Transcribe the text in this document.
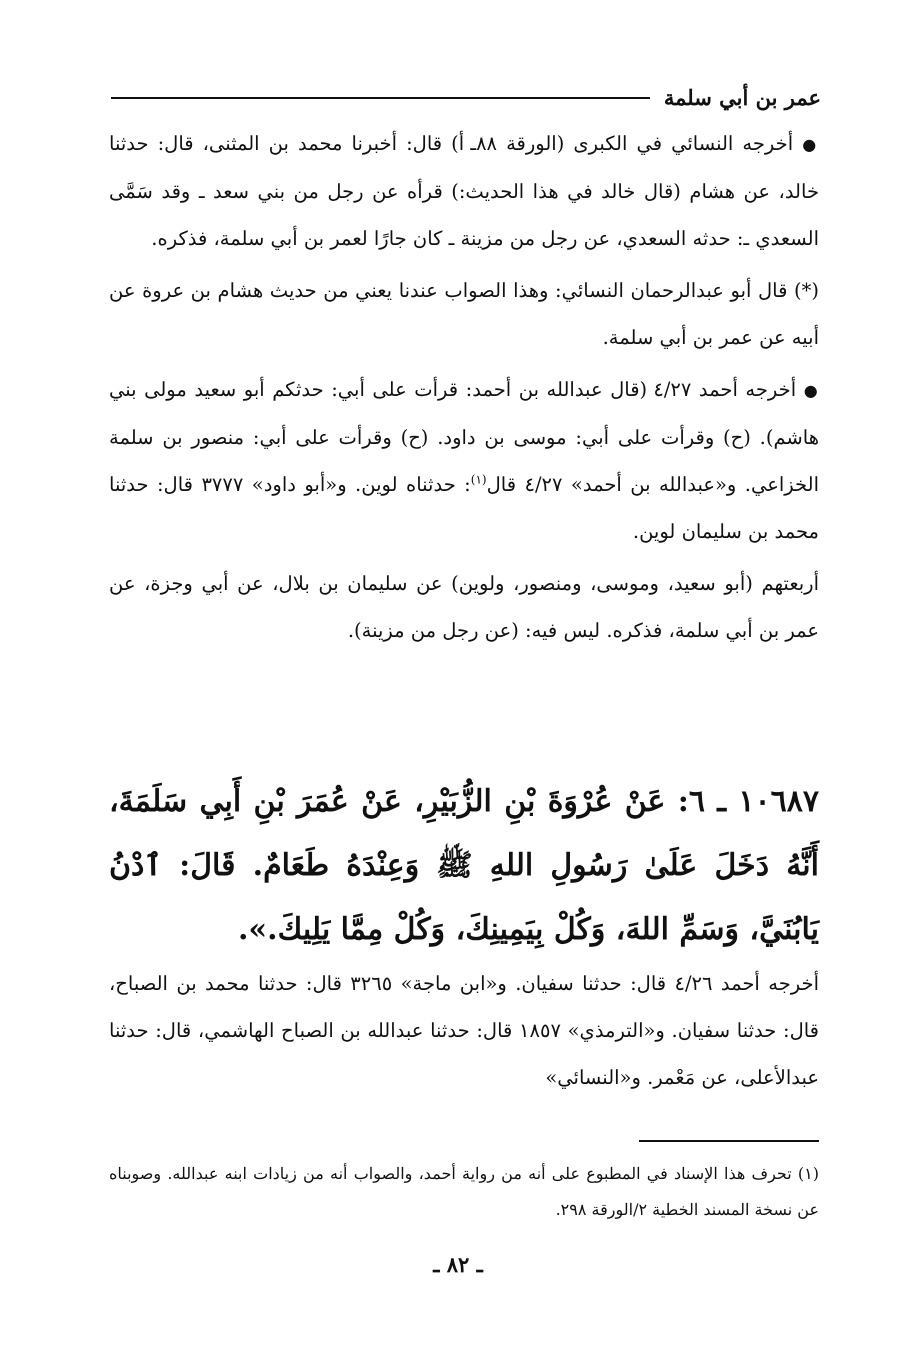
عمر بن أبي سلمة

● أخرجه النسائي في الكبرى (الورقة ٨٨ـ أ) قال: أخبرنا محمد بن المثنى، قال: حدثنا خالد، عن هشام (قال خالد في هذا الحديث:) قرأه عن رجل من بني سعد ـ وقد سَمَّى السعدي ـ: حدثه السعدي، عن رجل من مزينة ـ كان جارًا لعمر بن أبي سلمة، فذكره.

(*) قال أبو عبدالرحمان النسائي: وهذا الصواب عندنا يعني من حديث هشام بن عروة عن أبيه عن عمر بن أبي سلمة.

● أخرجه أحمد ٤/٢٧ (قال عبدالله بن أحمد: قرأت على أبي: حدثكم أبو سعيد مولى بني هاشم). (ح) وقرأت على أبي: موسى بن داود. (ح) وقرأت على أبي: منصور بن سلمة الخزاعي. و«عبدالله بن أحمد» ٤/٢٧ قال$^{(١)}$: حدثناه لوين. و«أبو داود» ٣٧٧٧ قال: حدثنا محمد بن سليمان لوين.

أربعتهم (أبو سعيد، وموسى، ومنصور، ولوين) عن سليمان بن بلال، عن أبي وجزة، عن عمر بن أبي سلمة، فذكره. ليس فيه: (عن رجل من مزينة).

١٠٦٨٧ ـ ٦: عَنْ عُرْوَةَ بْنِ الزُّبَيْرِ، عَنْ عُمَرَ بْنِ أَبِي سَلَمَةَ، أَنَّهُ دَخَلَ عَلَىٰ رَسُولِ اللهِ ﷺ وَعِنْدَهُ طَعَامٌ. قَالَ: ٱدْنُ يَابُنَيَّ، وَسَمِّ اللهَ، وَكُلْ بِيَمِينِكَ، وَكُلْ مِمَّا يَلِيكَ.».

أخرجه أحمد ٤/٢٦ قال: حدثنا سفيان. و«ابن ماجة» ٣٢٦٥ قال: حدثنا محمد بن الصباح، قال: حدثنا سفيان. و«الترمذي» ١٨٥٧ قال: حدثنا عبدالله بن الصباح الهاشمي، قال: حدثنا عبدالأعلى، عن مَعْمر. و«النسائي»

(١) تحرف هذا الإسناد في المطبوع على أنه من رواية أحمد، والصواب أنه من زيادات ابنه عبدالله. وصوبناه عن نسخة المسند الخطية ٢/الورقة ٢٩٨.

ـ ٨٢ ـ
